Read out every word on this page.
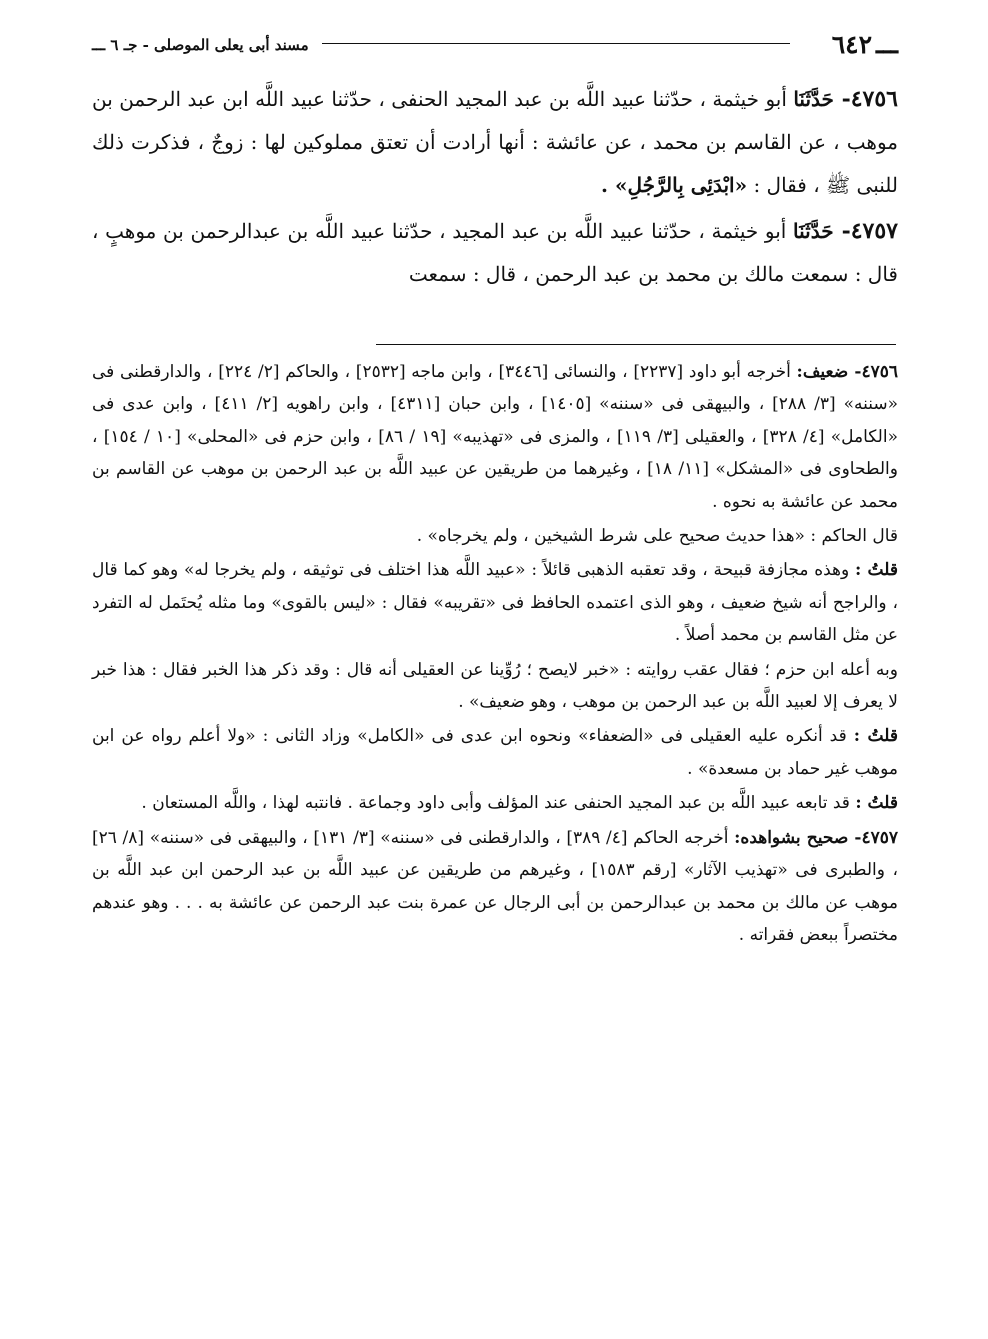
ـــ٦٤٢
مسند أبى يعلى الموصلى - جـ ٦ ـــ

٤٧٥٦- حَدَّثَنَا أبو خيثمة ، حدّثنا عبيد اللَّه بن عبد المجيد الحنفى ، حدّثنا عبيد اللَّه ابن عبد الرحمن بن موهب ، عن القاسم بن محمد ، عن عائشة : أنها أرادت أن تعتق مملوكين لها : زوجٌ ، فذكرت ذلك للنبى ﷺ ، فقال : «ابْدَئِى بِالرَّجُلِ» .

٤٧٥٧- حَدَّثَنَا أبو خيثمة ، حدّثنا عبيد اللَّه بن عبد المجيد ، حدّثنا عبيد اللَّه بن عبدالرحمن بن موهبٍ ، قال : سمعت مالك بن محمد بن عبد الرحمن ، قال : سمعت

٤٧٥٦- ضعيف: أخرجه أبو داود [٢٢٣٧] ، والنسائى [٣٤٤٦] ، وابن ماجه [٢٥٣٢] ، والحاكم [٢/ ٢٢٤] ، والدارقطنى فى «سننه» [٣/ ٢٨٨] ، والبيهقى فى «سننه» [١٤٠٥] ، وابن حبان [٤٣١١] ، وابن راهويه [٢/ ٤١١] ، وابن عدى فى «الكامل» [٤/ ٣٢٨] ، والعقيلى [٣/ ١١٩] ، والمزى فى «تهذيبه» [١٩ / ٨٦] ، وابن حزم فى «المحلى» [١٠ / ١٥٤] ، والطحاوى فى «المشكل» [١١/ ١٨] ، وغيرهما من طريقين عن عبيد اللَّه بن عبد الرحمن بن موهب عن القاسم بن محمد عن عائشة به نحوه .

قال الحاكم : «هذا حديث صحيح على شرط الشيخين ، ولم يخرجاه» .

قلتُ : وهذه مجازفة قبيحة ، وقد تعقبه الذهبى قائلاً : «عبيد اللَّه هذا اختلف فى توثيقه ، ولم يخرجا له» وهو كما قال ، والراجح أنه شيخ ضعيف ، وهو الذى اعتمده الحافظ فى «تقريبه» فقال : «ليس بالقوى» وما مثله يُحتَمل له التفرد عن مثل القاسم بن محمد أصلاً .

وبه أعله ابن حزم ؛ فقال عقب روايته : «خبر لايصح ؛ رُوِّينا عن العقيلى أنه قال : وقد ذكر هذا الخبر فقال : هذا خبر لا يعرف إلا لعبيد اللَّه بن عبد الرحمن بن موهب ، وهو ضعيف» .

قلتُ : قد أنكره عليه العقيلى فى «الضعفاء» ونحوه ابن عدى فى «الكامل» وزاد الثانى : «ولا أعلم رواه عن ابن موهب غير حماد بن مسعدة» .

قلتُ : قد تابعه عبيد اللَّه بن عبد المجيد الحنفى عند المؤلف وأبى داود وجماعة . فانتبه لهذا ، واللَّه المستعان .

٤٧٥٧- صحيح بشواهده: أخرجه الحاكم [٤/ ٣٨٩] ، والدارقطنى فى «سننه» [٣/ ١٣١] ، والبيهقى فى «سننه» [٨/ ٢٦] ، والطبرى فى «تهذيب الآثار» [رقم ١٥٨٣] ، وغيرهم من طريقين عن عبيد اللَّه بن عبد الرحمن ابن عبد اللَّه بن موهب عن مالك بن محمد بن عبدالرحمن بن أبى الرجال عن عمرة بنت عبد الرحمن عن عائشة به . . . وهو عندهم مختصراً ببعض فقراته .
